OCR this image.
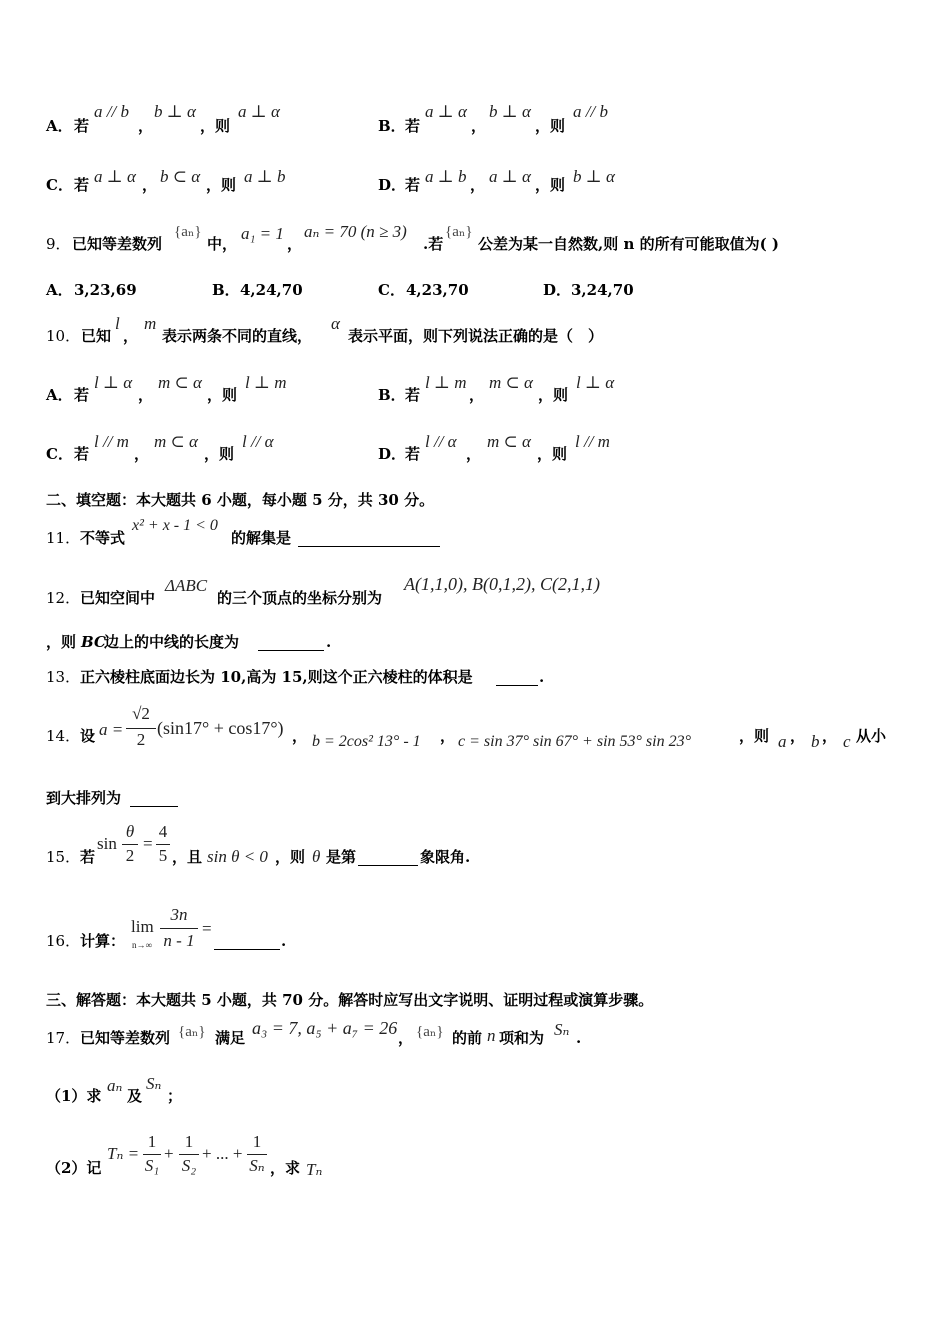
A． 若
a // b
，
b ⊥ α
，则
a ⊥ α
B． 若
a ⊥ α
，
b ⊥ α
，则
a // b
C． 若 a ⊥ α ， b ⊂ α ，则 a ⊥ b	D．
若 a ⊥ b ， a ⊥ α ，则 b ⊥ α
9． 已知等差数列
{aₙ}
中，
a₁ = 1
，
aₙ = 70 (n ≥ 3)
.若
{aₙ}
公差为某一自然数,则 n 的所有可能取值为( )
A． 3,23,69	B． 4,24,70	C． 4,23,70	D． 3,24,70
10． 已知
l
，
m
表示两条不同的直线，
α
表示平面，则下列说法正确的是（　）
A． 若
l ⊥ α
，
m ⊂ α
，则
l ⊥ m
B． 若
l ⊥ m
，
m ⊂ α
，则
l ⊥ α
C． 若
l // m
，
m ⊂ α
，则
l // α
D．
若
l // α
，
m ⊂ α
，则
l // m
二、填空题：本大题共 6 小题，每小题 5 分，共 30 分。
11． 不等式
x² + x - 1 < 0
的解集是
12． 已知空间中
ΔABC
的三个顶点的坐标分别为
A(1,1,0), B(0,1,2), C(2,1,1)
，则 BC
边上的中线的长度为	.
13． 正六棱柱底面边长为 10,高为 15,则这个正六棱柱的体积是	.
14． 设 a =
√2
2
(sin17° + cos17°) ， b = 2cos² 13° - 1 ， c = sin 37° sin 67° + sin 53° sin 23°	，则 a ， b ， c 从小
到大排列为
15． 若
sin
θ
2
=
4
5 ，且 sin θ < 0 ，则 θ 是第	象限角.
16． 计算：
lim
n→∞
3n
n - 1
=
.
三、解答题：本大题共 5 小题，共 70 分。解答时应写出文字说明、证明过程或演算步骤。
17． 已知等差数列 {aₙ} 满足 a₃ = 7, a₅ + a₇ = 26 ， {aₙ} 的前 n 项和为 Sₙ .
（1）求
aₙ
及
Sₙ
；
（2）记
Tₙ =
1
S₁
+
1
S₂
+ ... +
1
Sₙ ，求 Tₙ
